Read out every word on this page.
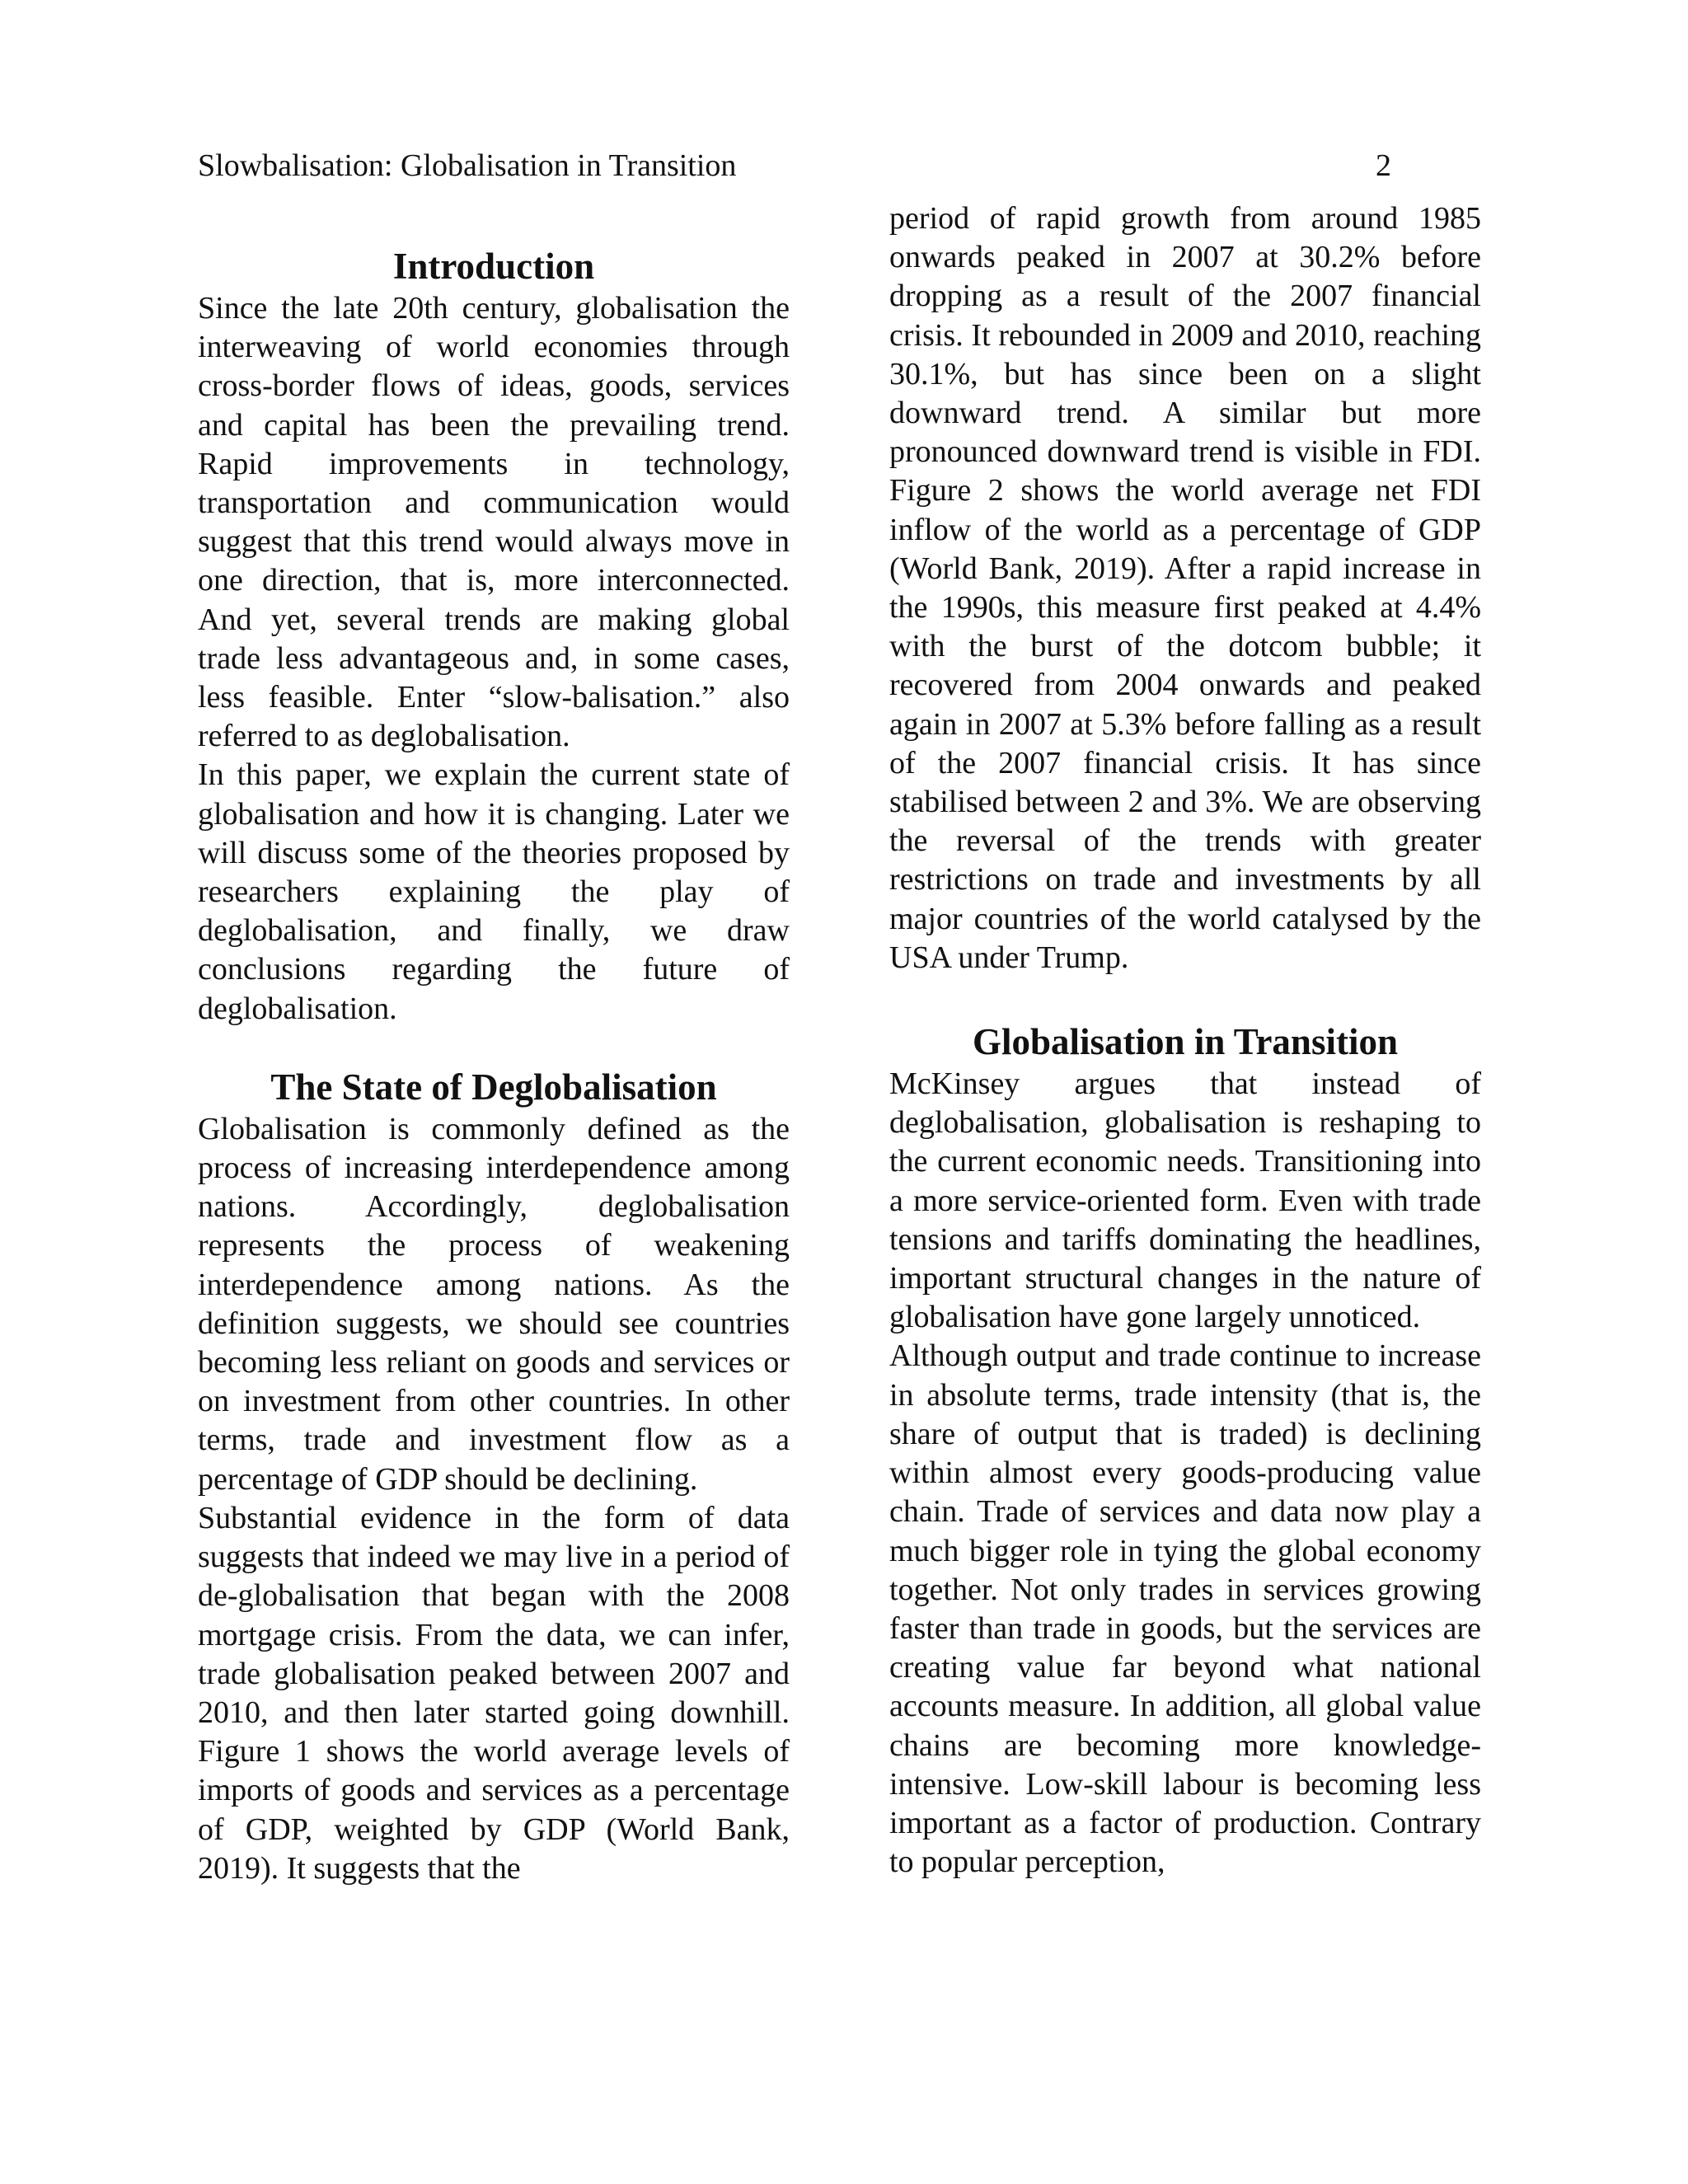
Slowbalisation: Globalisation in Transition	2
Introduction

Since the late 20th century, globalisation the interweaving of world economies through cross-border flows of ideas, goods, services and capital has been the prevailing trend. Rapid improvements in technology, transportation and communication would suggest that this trend would always move in one direction, that is, more interconnected. And yet, several trends are making global trade less advantageous and, in some cases, less feasible. Enter “slow-balisation.” also referred to as deglobalisation.

In this paper, we explain the current state of globalisation and how it is changing. Later we will discuss some of the theories proposed by researchers explaining the play of deglobalisation, and finally, we draw conclusions regarding the future of deglobalisation.

The State of Deglobalisation

Globalisation is commonly defined as the process of increasing interdependence among nations. Accordingly, deglobalisation represents the process of weakening interdependence among nations. As the definition suggests, we should see countries becoming less reliant on goods and services or on investment from other countries. In other terms, trade and investment flow as a percentage of GDP should be declining.

Substantial evidence in the form of data suggests that indeed we may live in a period of de-globalisation that began with the 2008 mortgage crisis. From the data, we can infer, trade globalisation peaked between 2007 and 2010, and then later started going downhill. Figure 1 shows the world average levels of imports of goods and services as a percentage of GDP, weighted by GDP (World Bank, 2019). It suggests that the

period of rapid growth from around 1985 onwards peaked in 2007 at 30.2% before dropping as a result of the 2007 financial crisis. It rebounded in 2009 and 2010, reaching 30.1%, but has since been on a slight downward trend. A similar but more pronounced downward trend is visible in FDI. Figure 2 shows the world average net FDI inflow of the world as a percentage of GDP (World Bank, 2019). After a rapid increase in the 1990s, this measure first peaked at 4.4% with the burst of the dotcom bubble; it recovered from 2004 onwards and peaked again in 2007 at 5.3% before falling as a result of the 2007 financial crisis. It has since stabilised between 2 and 3%. We are observing the reversal of the trends with greater restrictions on trade and investments by all major countries of the world catalysed by the USA under Trump.

Globalisation in Transition

McKinsey argues that instead of deglobalisation, globalisation is reshaping to the current economic needs. Transitioning into a more service-oriented form. Even with trade tensions and tariffs dominating the headlines, important structural changes in the nature of globalisation have gone largely unnoticed.

Although output and trade continue to increase in absolute terms, trade intensity (that is, the share of output that is traded) is declining within almost every goods-producing value chain. Trade of services and data now play a much bigger role in tying the global economy together. Not only trades in services growing faster than trade in goods, but the services are creating value far beyond what national accounts measure. In addition, all global value chains are becoming more knowledge-intensive. Low-skill labour is becoming less important as a factor of production. Contrary to popular perception,
